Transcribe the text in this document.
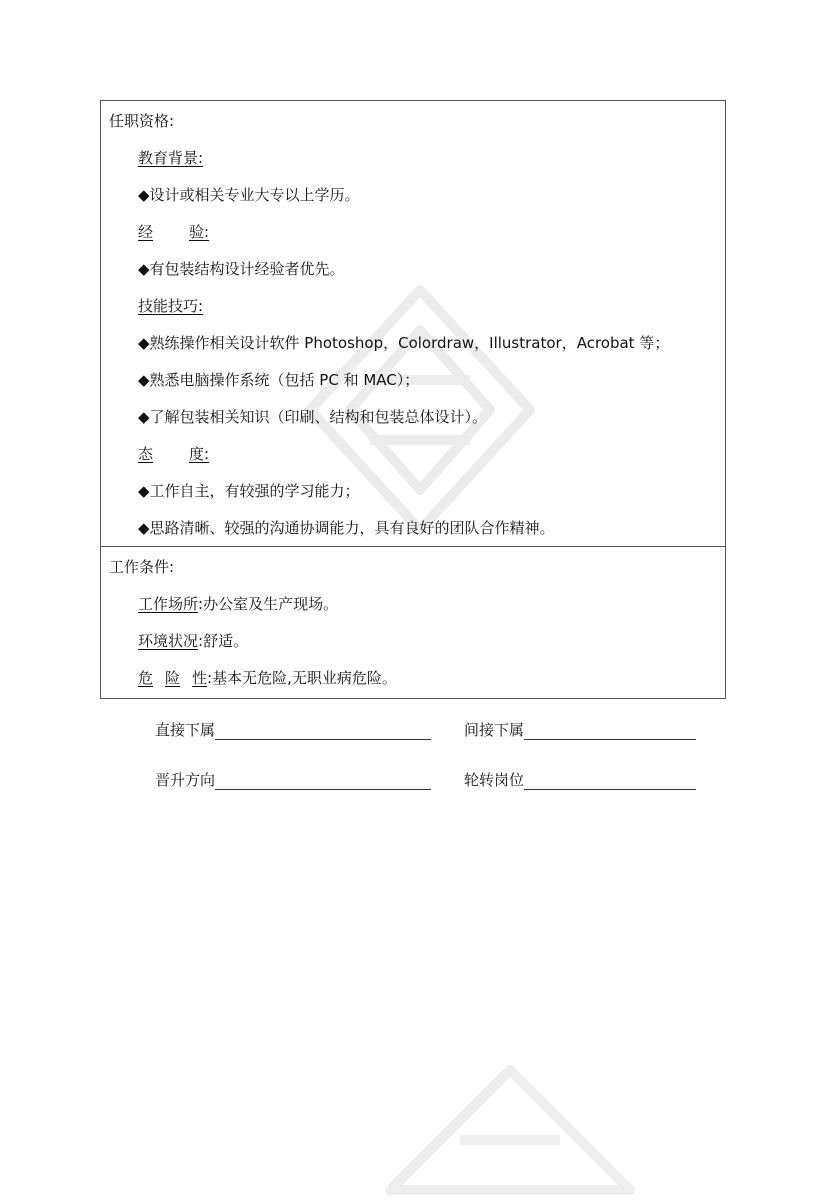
任职资格:
教育背景:
◆设计或相关专业大专以上学历。
经 验:
◆有包装结构设计经验者优先。
技能技巧:
◆熟练操作相关设计软件 Photoshop，Colordraw，Illustrator，Acrobat 等；
◆熟悉电脑操作系统（包括 PC 和 MAC）；
◆了解包装相关知识（印刷、结构和包装总体设计）。
态 度:
◆工作自主，有较强的学习能力；
◆思路清晰、较强的沟通协调能力，具有良好的团队合作精神。
工作条件:
工作场所:办公室及生产现场。
环境状况:舒适。
危 险 性:基本无危险,无职业病危险。
直接下属	间接下属
晋升方向	轮转岗位
